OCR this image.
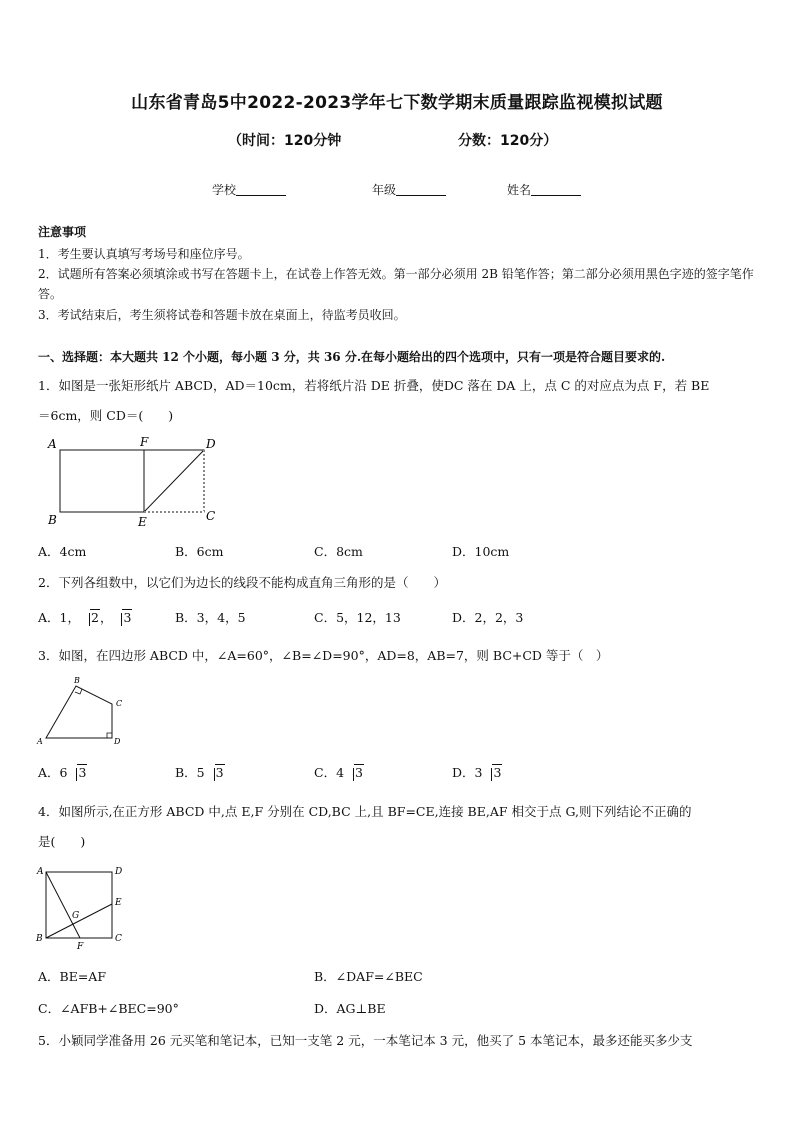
山东省青岛5中2022-2023学年七下数学期末质量跟踪监视模拟试题
（时间：120分钟	分数：120分）
学校	年级	姓名
注意事项
1．考生要认真填写考场号和座位序号。
2．试题所有答案必须填涂或书写在答题卡上，在试卷上作答无效。第一部分必须用 2B 铅笔作答；第二部分必须用黑色字迹的签字笔作答。
3．考试结束后，考生须将试卷和答题卡放在桌面上，待监考员收回。
一、选择题：本大题共 12 个小题，每小题 3 分，共 36 分.在每小题给出的四个选项中，只有一项是符合题目要求的.
1．如图是一张矩形纸片 ABCD，AD＝10cm，若将纸片沿 DE 折叠，使DC 落在 DA 上，点 C 的对应点为点 F，若 BE
＝6cm，则 CD＝(　　)
A	F	D
B	E	C
A．4cm	B．6cm	C．8cm	D．10cm
2．下列各组数中，以它们为边长的线段不能构成直角三角形的是（　　）
A．1， 2， 3	B．3，4，5	C．5，12，13	D．2，2，3
3．如图，在四边形 ABCD 中，∠A=60°，∠B=∠D=90°，AD=8，AB=7，则 BC+CD 等于（　）
B
C
A	D
A．6 3	B．5 3	C．4 3	D．3 3
4．如图所示,在正方形 ABCD 中,点 E,F 分别在 CD,BC 上,且 BF=CE,连接 BE,AF 相交于点 G,则下列结论不正确的
是(　　)
A	D
E
G
B
F
C
A．BE=AF	B．∠DAF=∠BEC
C．∠AFB+∠BEC=90°	D．AG⊥BE
5．小颖同学准备用 26 元买笔和笔记本，已知一支笔 2 元，一本笔记本 3 元，他买了 5 本笔记本，最多还能买多少支
